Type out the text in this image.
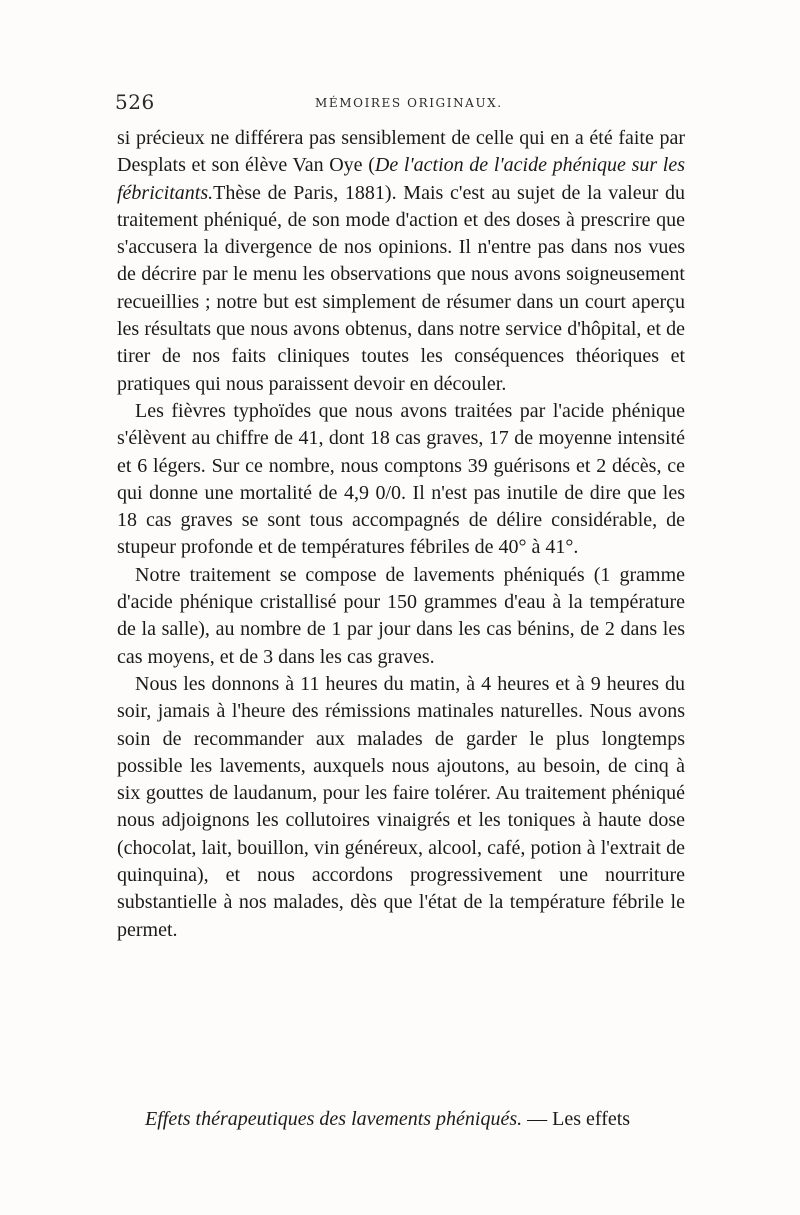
526	MÉMOIRES ORIGINAUX.

si précieux ne différera pas sensiblement de celle qui en a été faite par Desplats et son élève Van Oye (De l'action de l'acide phénique sur les fébricitants.Thèse de Paris, 1881). Mais c'est au sujet de la valeur du traitement phéniqué, de son mode d'action et des doses à prescrire que s'accusera la divergence de nos opinions. Il n'entre pas dans nos vues de décrire par le menu les observations que nous avons soigneusement recueillies ; notre but est simplement de résumer dans un court aperçu les résultats que nous avons obtenus, dans notre service d'hôpital, et de tirer de nos faits cliniques toutes les conséquences théoriques et pratiques qui nous paraissent devoir en découler.

Les fièvres typhoïdes que nous avons traitées par l'acide phénique s'élèvent au chiffre de 41, dont 18 cas graves, 17 de moyenne intensité et 6 légers. Sur ce nombre, nous comptons 39 guérisons et 2 décès, ce qui donne une mortalité de 4,9 0/0. Il n'est pas inutile de dire que les 18 cas graves se sont tous accompagnés de délire considérable, de stupeur profonde et de températures fébriles de 40° à 41°.

Notre traitement se compose de lavements phéniqués (1 gramme d'acide phénique cristallisé pour 150 grammes d'eau à la température de la salle), au nombre de 1 par jour dans les cas bénins, de 2 dans les cas moyens, et de 3 dans les cas graves.

Nous les donnons à 11 heures du matin, à 4 heures et à 9 heures du soir, jamais à l'heure des rémissions matinales naturelles. Nous avons soin de recommander aux malades de garder le plus longtemps possible les lavements, auxquels nous ajoutons, au besoin, de cinq à six gouttes de laudanum, pour les faire tolérer. Au traitement phéniqué nous adjoignons les collutoires vinaigrés et les toniques à haute dose (chocolat, lait, bouillon, vin généreux, alcool, café, potion à l'extrait de quinquina), et nous accordons progressivement une nourriture substantielle à nos malades, dès que l'état de la température fébrile le permet.

Effets thérapeutiques des lavements phéniqués. — Les effets
